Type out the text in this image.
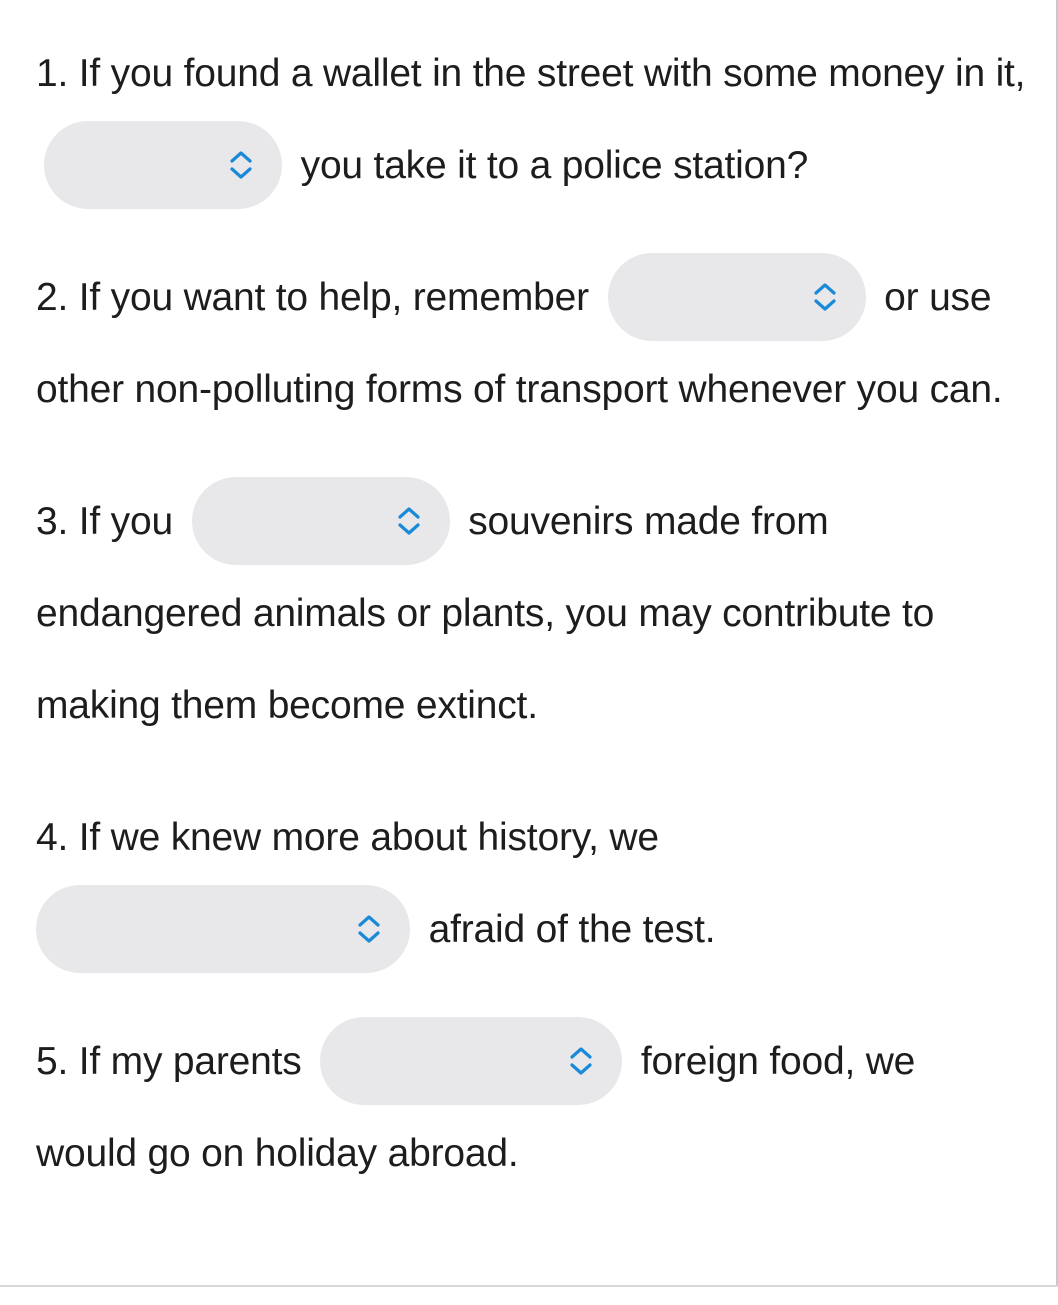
1. If you found a wallet in the street with some money in it,
you take it to a police station?

2. If you want to help, remember	or use other non-polluting forms of transport whenever you can.

3. If you	souvenirs made from endangered animals or plants, you may contribute to making them become extinct.

4. If we knew more about history, we
afraid of the test.

5. If my parents	foreign food, we would go on holiday abroad.
